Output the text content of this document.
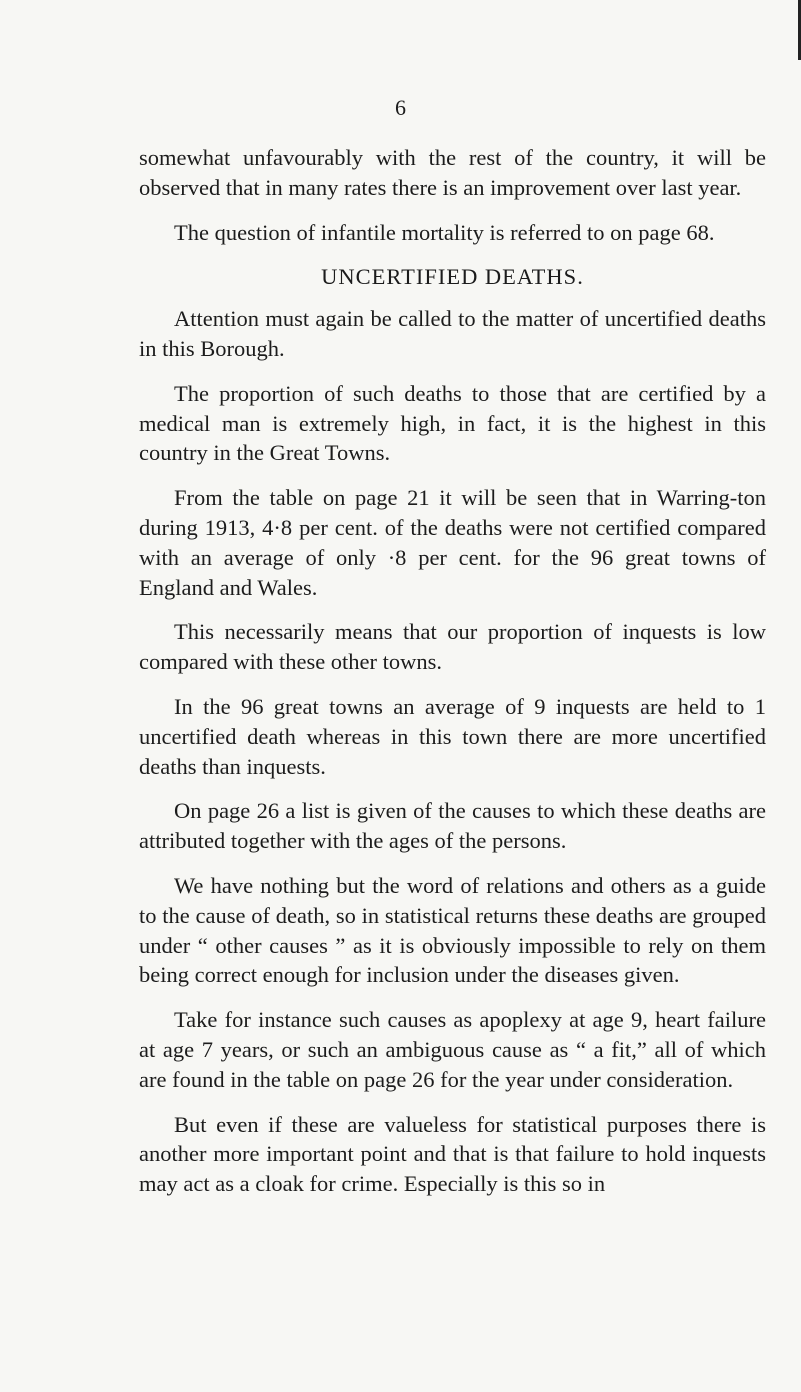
6

somewhat unfavourably with the rest of the country, it will be observed that in many rates there is an improvement over last year.

The question of infantile mortality is referred to on page 68.

UNCERTIFIED DEATHS.

Attention must again be called to the matter of uncertified deaths in this Borough.

The proportion of such deaths to those that are certified by a medical man is extremely high, in fact, it is the highest in this country in the Great Towns.

From the table on page 21 it will be seen that in Warring-ton during 1913, 4·8 per cent. of the deaths were not certified compared with an average of only ·8 per cent. for the 96 great towns of England and Wales.

This necessarily means that our proportion of inquests is low compared with these other towns.

In the 96 great towns an average of 9 inquests are held to 1 uncertified death whereas in this town there are more uncertified deaths than inquests.

On page 26 a list is given of the causes to which these deaths are attributed together with the ages of the persons.

We have nothing but the word of relations and others as a guide to the cause of death, so in statistical returns these deaths are grouped under “ other causes ” as it is obviously impossible to rely on them being correct enough for inclusion under the diseases given.

Take for instance such causes as apoplexy at age 9, heart failure at age 7 years, or such an ambiguous cause as “ a fit,” all of which are found in the table on page 26 for the year under consideration.

But even if these are valueless for statistical purposes there is another more important point and that is that failure to hold inquests may act as a cloak for crime. Especially is this so in
